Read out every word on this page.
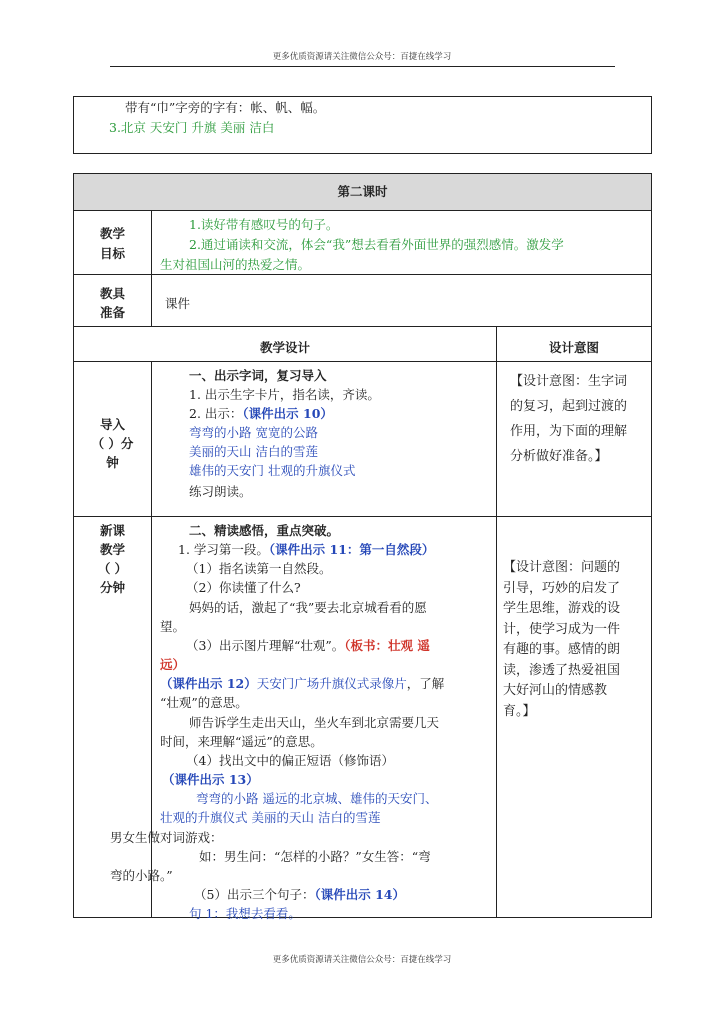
更多优质资源请关注微信公众号：百捷在线学习
带有“巾”字旁的字有：帐、帆、幅。
3.北京 天安门 升旗 美丽 洁白
第二课时
教学
目标
1.读好带有感叹号的句子。
2.通过诵读和交流，体会“我”想去看看外面世界的强烈感情。激发学
生对祖国山河的热爱之情。
教具
准备
课件
教学设计	设计意图
导入
（ ）分
钟
一、出示字词，复习导入
1. 出示生字卡片，指名读，齐读。
2. 出示：（课件出示 10）
弯弯的小路 宽宽的公路
美丽的天山 洁白的雪莲
雄伟的天安门 壮观的升旗仪式
练习朗读。
【设计意图：生字词
的复习，起到过渡的
作用，为下面的理解
分析做好准备。】
新课
教学
（ ）
分钟
二、精读感悟，重点突破。
1. 学习第一段。（课件出示 11：第一自然段）
（1）指名读第一自然段。
（2）你读懂了什么?
妈妈的话，激起了“我”要去北京城看看的愿
望。
（3）出示图片理解“壮观”。（板书：壮观 遥
远）
（课件出示 12）天安门广场升旗仪式录像片，了解
“壮观”的意思。
师告诉学生走出天山，坐火车到北京需要几天
时间，来理解“遥远”的意思。
（4）找出文中的偏正短语（修饰语）
（课件出示 13）
弯弯的小路 遥远的北京城、雄伟的天安门、
壮观的升旗仪式 美丽的天山 洁白的雪莲
男女生做对词游戏：
如：男生问：“怎样的小路？”女生答：“弯
弯的小路。”
（5）出示三个句子：（课件出示 14）
句 1：我想去看看。
【设计意图：问题的
引导，巧妙的启发了
学生思维，游戏的设
计，使学习成为一件
有趣的事。感情的朗
读，渗透了热爱祖国
大好河山的情感教
育。】
更多优质资源请关注微信公众号：百捷在线学习
